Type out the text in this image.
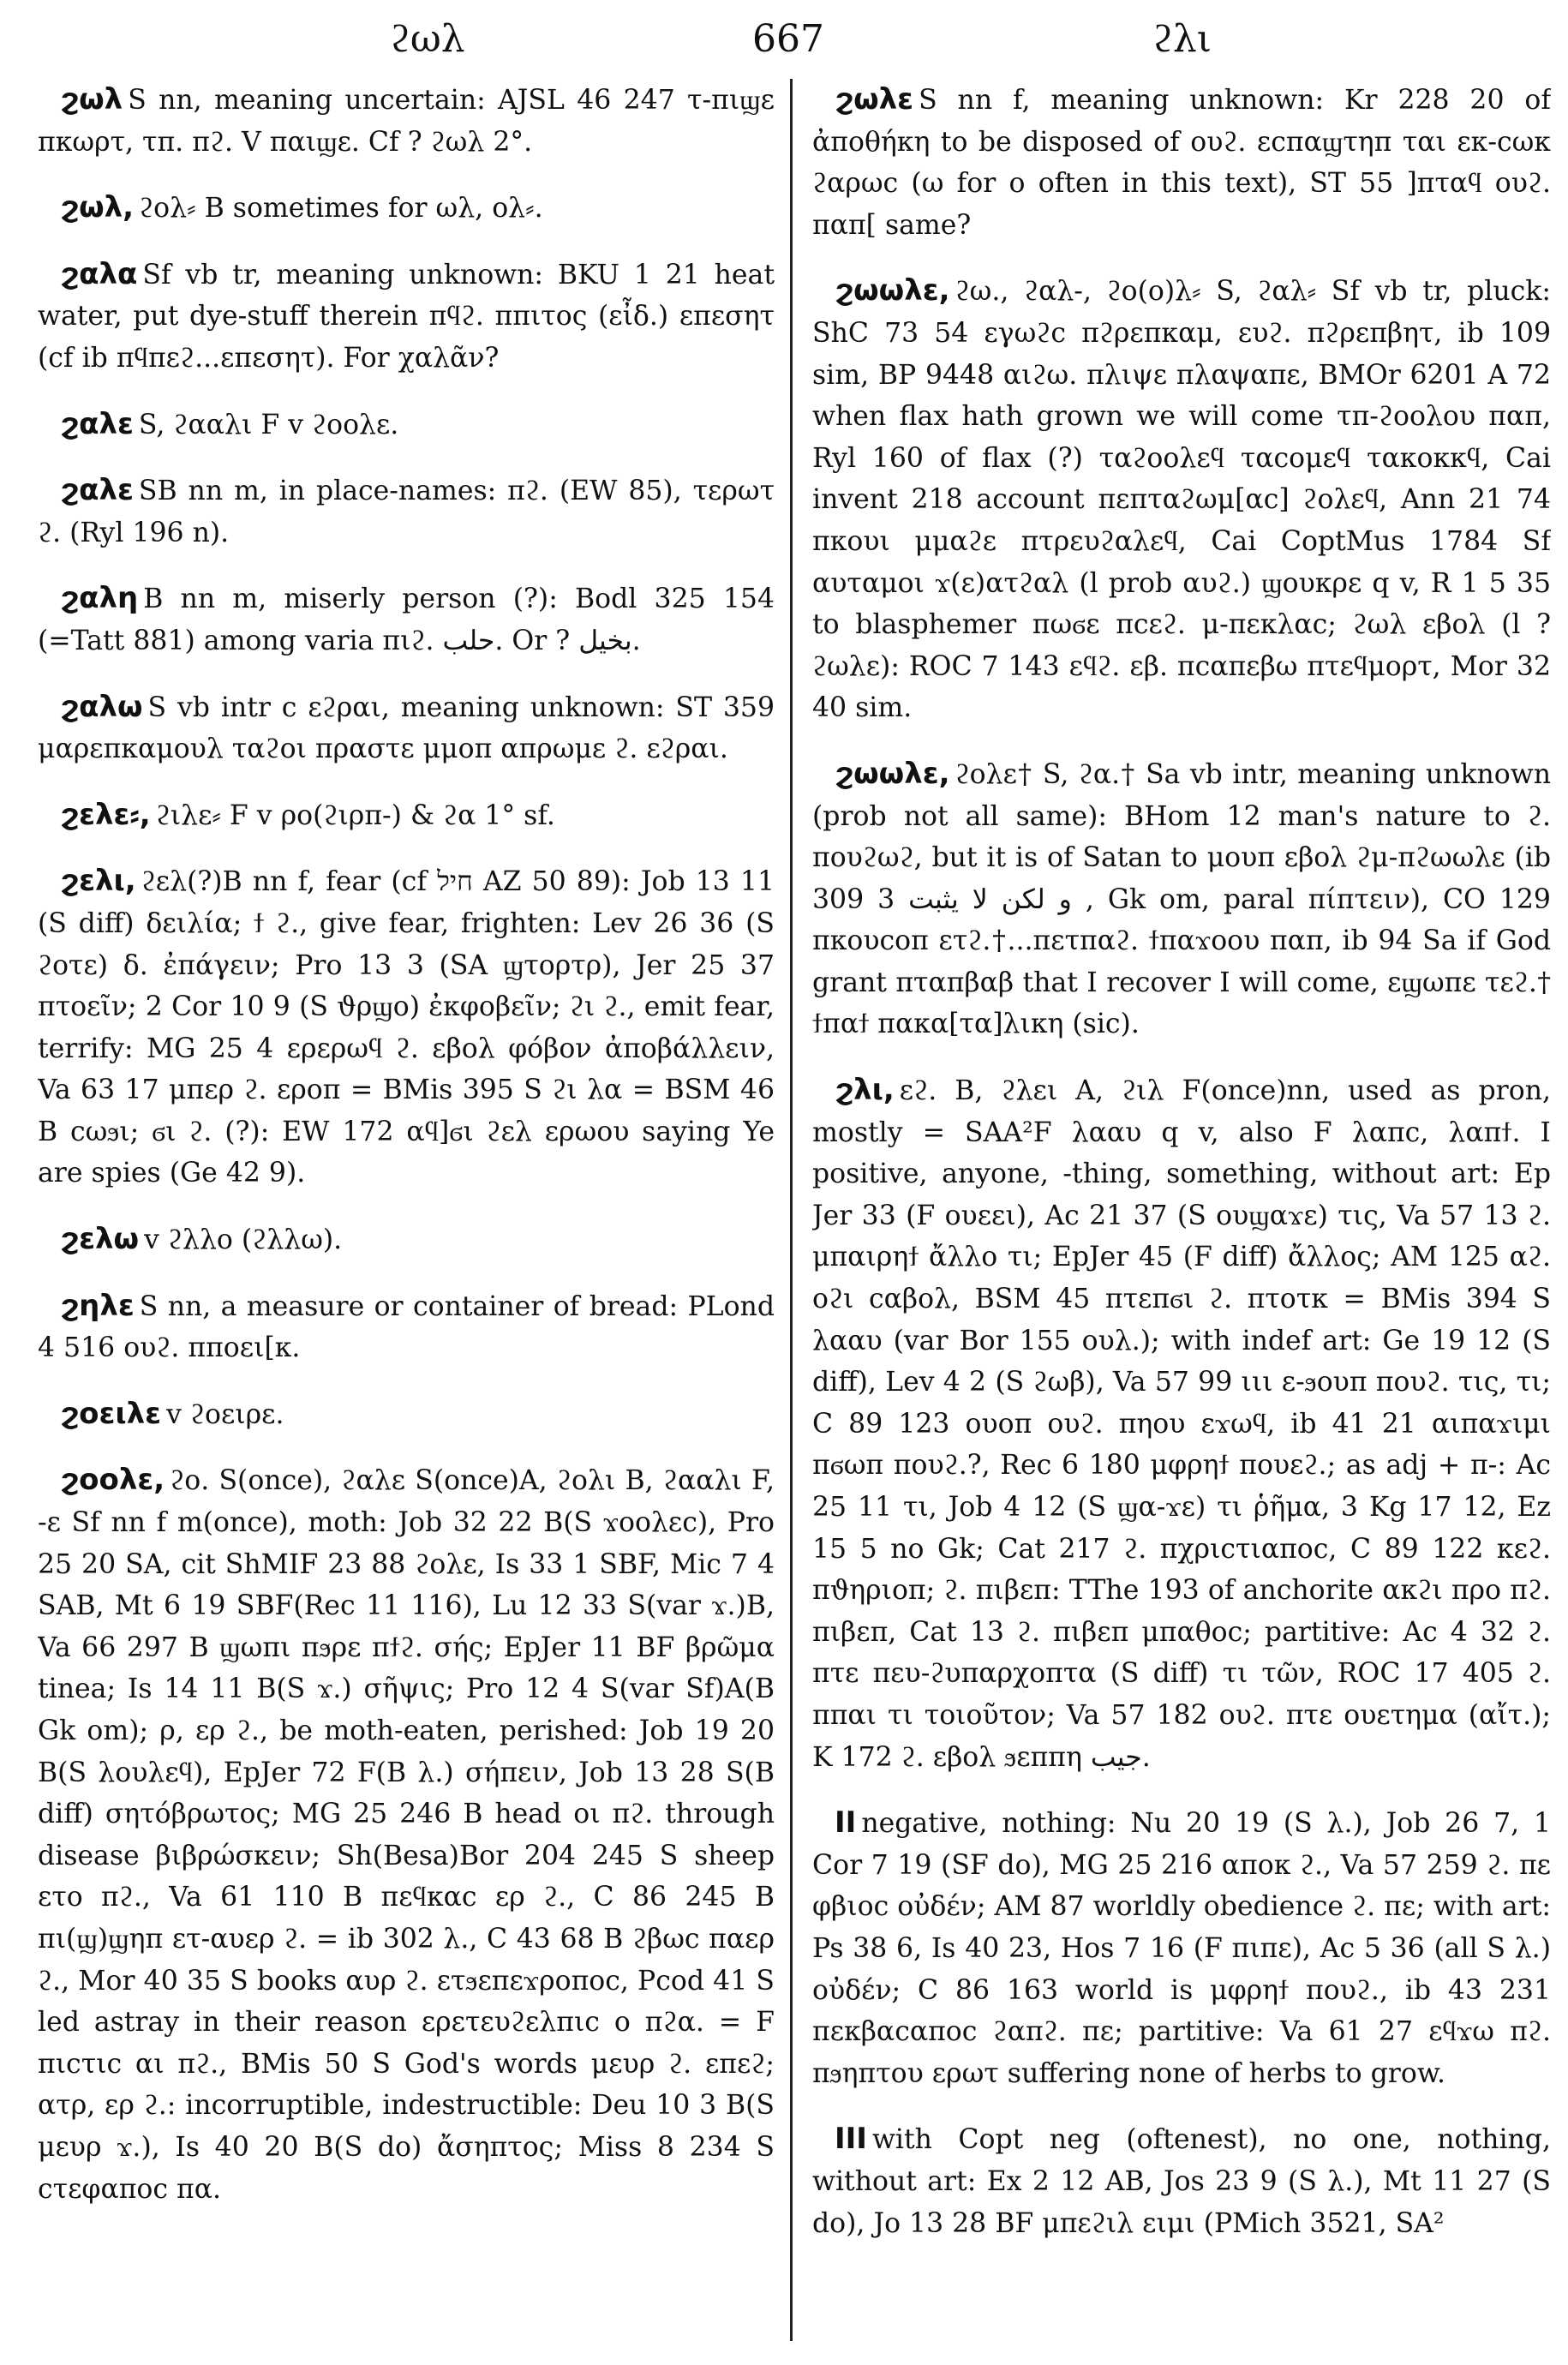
ϩωλ	667	ϩλι

ϩωλ S nn, meaning uncertain: AJSL 46 247 τ-πιϣε πκωρτ, τπ. πϩ. V παιϣε. Cf ? ϩωλ 2°.

ϩωλ, ϩολ⸗ B sometimes for ωλ, ολ⸗.

ϩαλα Sf vb tr, meaning unknown: BKU 1 21 heat water, put dye-stuff therein πϥϩ. ππιτος (εἶδ.) επεσητ (cf ib πϥπεϩ...επεσητ). For χαλᾶν?

ϩαλε S, ϩααλι F v ϩοολε.

ϩαλε SB nn m, in place-names: πϩ. (EW 85), τερωτ ϩ. (Ryl 196 n).

ϩαλη B nn m, miserly person (?): Bodl 325 154 (=Tatt 881) among varia πιϩ. ﺣﻠﺐ. Or ? ﺑﺨﻴﻞ.

ϩαλω S vb intr c εϩραι, meaning unknown: ST 359 μαρεπκαμουλ ταϩοι πραστε μμοπ απρωμε ϩ. εϩραι.

ϩελε⸗, ϩιλε⸗ F v ρο(ϩιρπ-) & ϩα 1° sf.

ϩελι, ϩελ(?)B nn f, fear (cf חיל AZ 50 89): Job 13 11 (S diff) δειλία; ϯ ϩ., give fear, frighten: Lev 26 36 (S ϩοτε) δ. ἐπάγειν; Pro 13 3 (SA ϣτορτρ), Jer 25 37 πτοεῖν; 2 Cor 10 9 (S ϑρϣο) ἐκφοβεῖν; ϩι ϩ., emit fear, terrify: MG 25 4 ερερωϥ ϩ. εβολ φόβον ἀποβάλλειν, Va 63 17 μπερ ϩ. εροπ = BMis 395 S ϩι λα = BSM 46 B ϲωϧι; ϭι ϩ. (?): EW 172 αϥ]ϭι ϩελ ερωου saying Ye are spies (Ge 42 9).

ϩελω v ϩλλο (ϩλλω).

ϩηλε S nn, a measure or container of bread: PLond 4 516 ουϩ. πποει[κ.

ϩοειλε v ϩοειρε.

ϩοολε, ϩο. S(once), ϩαλε S(once)A, ϩολι B, ϩααλι F, -ε Sf nn f m(once), moth: Job 32 22 B(S ϫοολεϲ), Pro 25 20 SA, cit ShMIF 23 88 ϩολε, Is 33 1 SBF, Mic 7 4 SAB, Mt 6 19 SBF(Rec 11 116), Lu 12 33 S(var ϫ.)B, Va 66 297 B ϣωπι πϧρε πϯϩ. σής; EpJer 11 BF βρῶμα tinea; Is 14 11 B(S ϫ.) σῆψις; Pro 12 4 S(var Sf)A(B Gk om); ρ, ερ ϩ., be moth-eaten, perished: Job 19 20 B(S λουλεϥ), EpJer 72 F(B λ.) σήπειν, Job 13 28 S(B diff) σητόβρωτος; MG 25 246 B head οι πϩ. through disease βιβρώσκειν; Sh(Besa)Bor 204 245 S sheep ετο πϩ., Va 61 110 B πεϥκαϲ ερ ϩ., C 86 245 B πι(ϣ)ϣηπ ετ-αυερ ϩ. = ib 302 λ., C 43 68 B ϩβωϲ παερ ϩ., Mor 40 35 S books αυρ ϩ. ετϧεπεϫροποϲ, Pcod 41 S led astray in their reason ερετευϩελπιϲ ο πϩα. = F πιϲτιϲ αι πϩ., BMis 50 S God's words μευρ ϩ. επεϩ; ατρ, ερ ϩ.: incorruptible, indestructible: Deu 10 3 B(S μευρ ϫ.), Is 40 20 B(S do) ἄσηπτος; Miss 8 234 S ϲτεφαποϲ πα.

ϩωλε S nn f, meaning unknown: Kr 228 20 of ἀποθήκη to be disposed of ουϩ. εϲπαϣτηπ ται εκ-ϲωκ ϩαρωϲ (ω for ο often in this text), ST 55 ]πταϥ ουϩ. παπ[ same?

ϩωωλε, ϩω., ϩαλ-, ϩο(ο)λ⸗ S, ϩαλ⸗ Sf vb tr, pluck: ShC 73 54 εγωϩϲ πϩρεπκαμ, ευϩ. πϩρεπβητ, ib 109 sim, BP 9448 αιϩω. πλιψε πλαψαπε, BMOr 6201 A 72 when flax hath grown we will come τπ-ϩοολου παπ, Ryl 160 of flax (?) ταϩοολεϥ ταϲομεϥ τακοκκϥ, Cai invent 218 account πεπταϩωμ[αϲ] ϩολεϥ, Ann 21 74 πκουι μμαϩε πτρευϩαλεϥ, Cai CoptMus 1784 Sf αυταμοι ϫ(ε)ατϩαλ (l prob αυϩ.) ϣουκρε q v, R 1 5 35 to blasphemer πωϭε πϲεϩ. μ-πεκλαϲ; ϩωλ εβολ (l ? ϩωλε): ROC 7 143 εϥϩ. εβ. πϲαπεβω πτεϥμορτ, Mor 32 40 sim.

ϩωωλε, ϩολε† S, ϩα.† Sa vb intr, meaning unknown (prob not all same): BHom 12 man's nature to ϩ. πουϩωϩ, but it is of Satan to μουπ εβολ ϩμ-πϩωωλε (ib 309 3 ﻭ ﻟﻜﻦ ﻻ ﻳﺜﺒﺖ , Gk om, paral πίπτειν), CO 129 πκουϲοπ ετϩ.†...πετπαϩ. ϯπαϫοου παπ, ib 94 Sa if God grant πταπβαβ that I recover I will come, εϣωπε τεϩ.† ϯπαϯ πακα[τα]λικη (sic).

ϩλι, εϩ. B, ϩλει A, ϩιλ F(once)nn, used as pron, mostly = SAA²F λααυ q v, also F λαπϲ, λαπϯ. I positive, anyone, -thing, something, without art: Ep Jer 33 (F ουεει), Ac 21 37 (S ουϣαϫε) τις, Va 57 13 ϩ. μπαιρηϯ ἄλλο τι; EpJer 45 (F diff) ἄλλος; AM 125 αϩ. οϩι ϲαβολ, BSM 45 πτεπϭι ϩ. πτοτκ = BMis 394 S λααυ (var Bor 155 ουλ.); with indef art: Ge 19 12 (S diff), Lev 4 2 (S ϩωβ), Va 57 99 ιιι ε-ϧουπ πουϩ. τις, τι; C 89 123 ουοπ ουϩ. πηου εϫωϥ, ib 41 21 αιπαϫιμι πϭωπ πουϩ.?, Rec 6 180 μφρηϯ πουεϩ.; as adj + π-: Ac 25 11 τι, Job 4 12 (S ϣα-ϫε) τι ῥῆμα, 3 Kg 17 12, Ez 15 5 no Gk; Cat 217 ϩ. πχριϲτιαποϲ, C 89 122 κεϩ. πϑηριοπ; ϩ. πιβεπ: TThe 193 of anchorite ακϩι προ πϩ. πιβεπ, Cat 13 ϩ. πιβεπ μπαθοϲ; partitive: Ac 4 32 ϩ. πτε πευ-ϩυπαρχοπτα (S diff) τι τῶν, ROC 17 405 ϩ. ππαι τι τοιοῦτον; Va 57 182 ουϩ. πτε ουετημα (αἴτ.); K 172 ϩ. εβολ ϧεππη ﺟﻴﺐ.

II negative, nothing: Nu 20 19 (S λ.), Job 26 7, 1 Cor 7 19 (SF do), MG 25 216 αποκ ϩ., Va 57 259 ϩ. πε φβιοϲ οὐδέν; AM 87 worldly obedience ϩ. πε; with art: Ps 38 6, Is 40 23, Hos 7 16 (F πιπε), Ac 5 36 (all S λ.) οὐδέν; C 86 163 world is μφρηϯ πουϩ., ib 43 231 πεκβαϲαποϲ ϩαπϩ. πε; partitive: Va 61 27 εϥϫω πϩ. πϧηπτου ερωτ suffering none of herbs to grow.

III with Copt neg (oftenest), no one, nothing, without art: Ex 2 12 AB, Jos 23 9 (S λ.), Mt 11 27 (S do), Jo 13 28 BF μπεϩιλ ειμι (PMich 3521, SA²
